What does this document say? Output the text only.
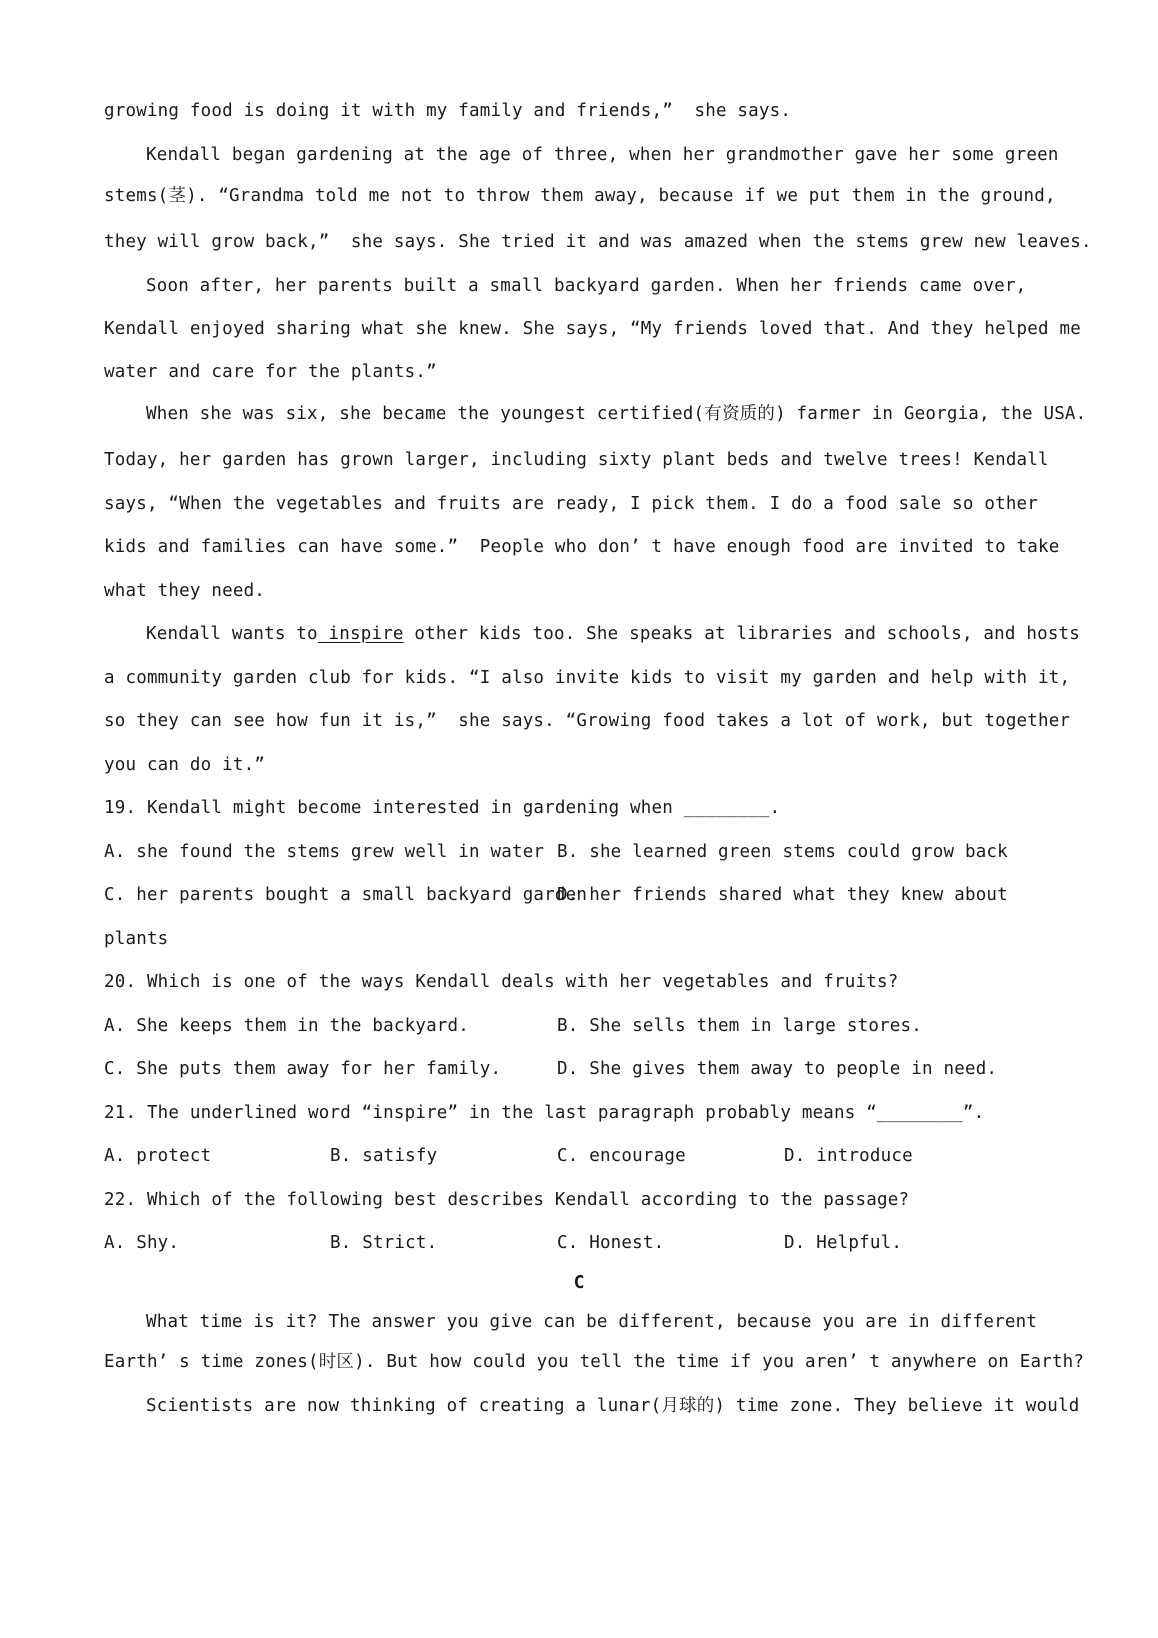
growing food is doing it with my family and friends,”  she says.
Kendall began gardening at the age of three, when her grandmother gave her some green
stems(茎). “Grandma told me not to throw them away, because if we put them in the ground,
they will grow back,”  she says. She tried it and was amazed when the stems grew new leaves.
Soon after, her parents built a small backyard garden. When her friends came over,
Kendall enjoyed sharing what she knew. She says, “My friends loved that. And they helped me
water and care for the plants.”
When she was six, she became the youngest certified(有资质的) farmer in Georgia, the USA.
Today, her garden has grown larger, including sixty plant beds and twelve trees! Kendall
says, “When the vegetables and fruits are ready, I pick them. I do a food sale so other
kids and families can have some.”  People who don’ t have enough food are invited to take
what they need.
Kendall wants to inspire other kids too. She speaks at libraries and schools, and hosts
a community garden club for kids. “I also invite kids to visit my garden and help with it,
so they can see how fun it is,”  she says. “Growing food takes a lot of work, but together
you can do it.”
19. Kendall might become interested in gardening when ________.
A. she found the stems grew well in water B. she learned green stems could grow back
C. her parents bought a small backyard garden
D. her friends shared what they knew about
plants
20. Which is one of the ways Kendall deals with her vegetables and fruits?
A. She keeps them in the backyard.	B. She sells them in large stores.
C. She puts them away for her family.	D. She gives them away to people in need.
21. The underlined word “inspire” in the last paragraph probably means “________”.
A. protect	B. satisfy	C. encourage	D. introduce
22. Which of the following best describes Kendall according to the passage?
A. Shy.	B. Strict.	C. Honest.	D. Helpful.
C
What time is it? The answer you give can be different, because you are in different
Earth’ s time zones(时区). But how could you tell the time if you aren’ t anywhere on Earth?
Scientists are now thinking of creating a lunar(月球的) time zone. They believe it would
